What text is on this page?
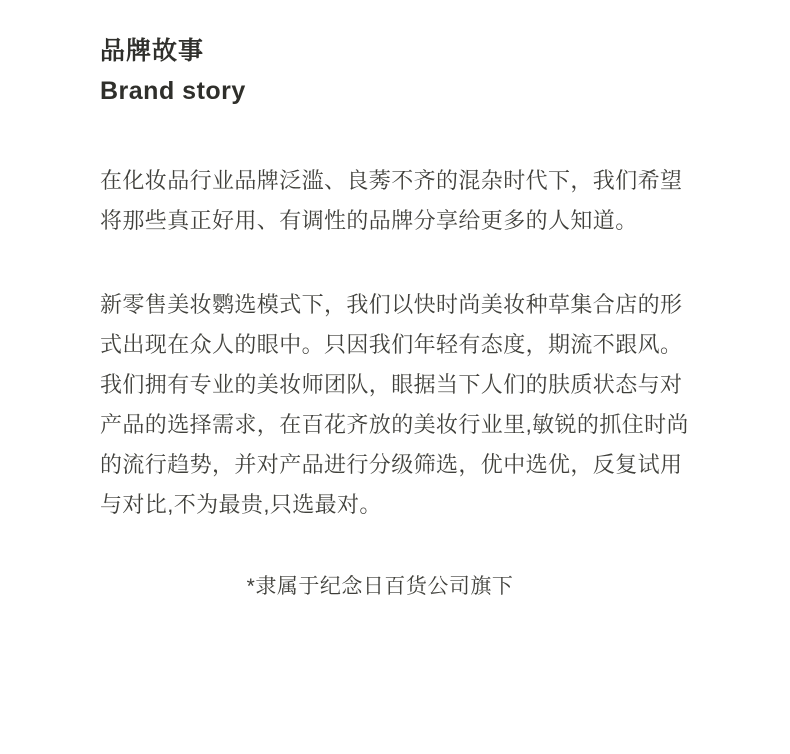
品牌故事
Brand story

在化妆品行业品牌泛滥、良莠不齐的混杂时代下，我们希望将那些真正好用、有调性的品牌分享给更多的人知道。

新零售美妆鹦选模式下，我们以快时尚美妆种草集合店的形式出现在众人的眼中。只因我们年轻有态度，期流不跟风。我们拥有专业的美妆师团队，眼据当下人们的肤质状态与对产品的选择需求，在百花齐放的美妆行业里,敏锐的抓住时尚的流行趋势，并对产品进行分级筛选，优中选优，反复试用与对比,不为最贵,只选最对。

*隶属于纪念日百货公司旗下
